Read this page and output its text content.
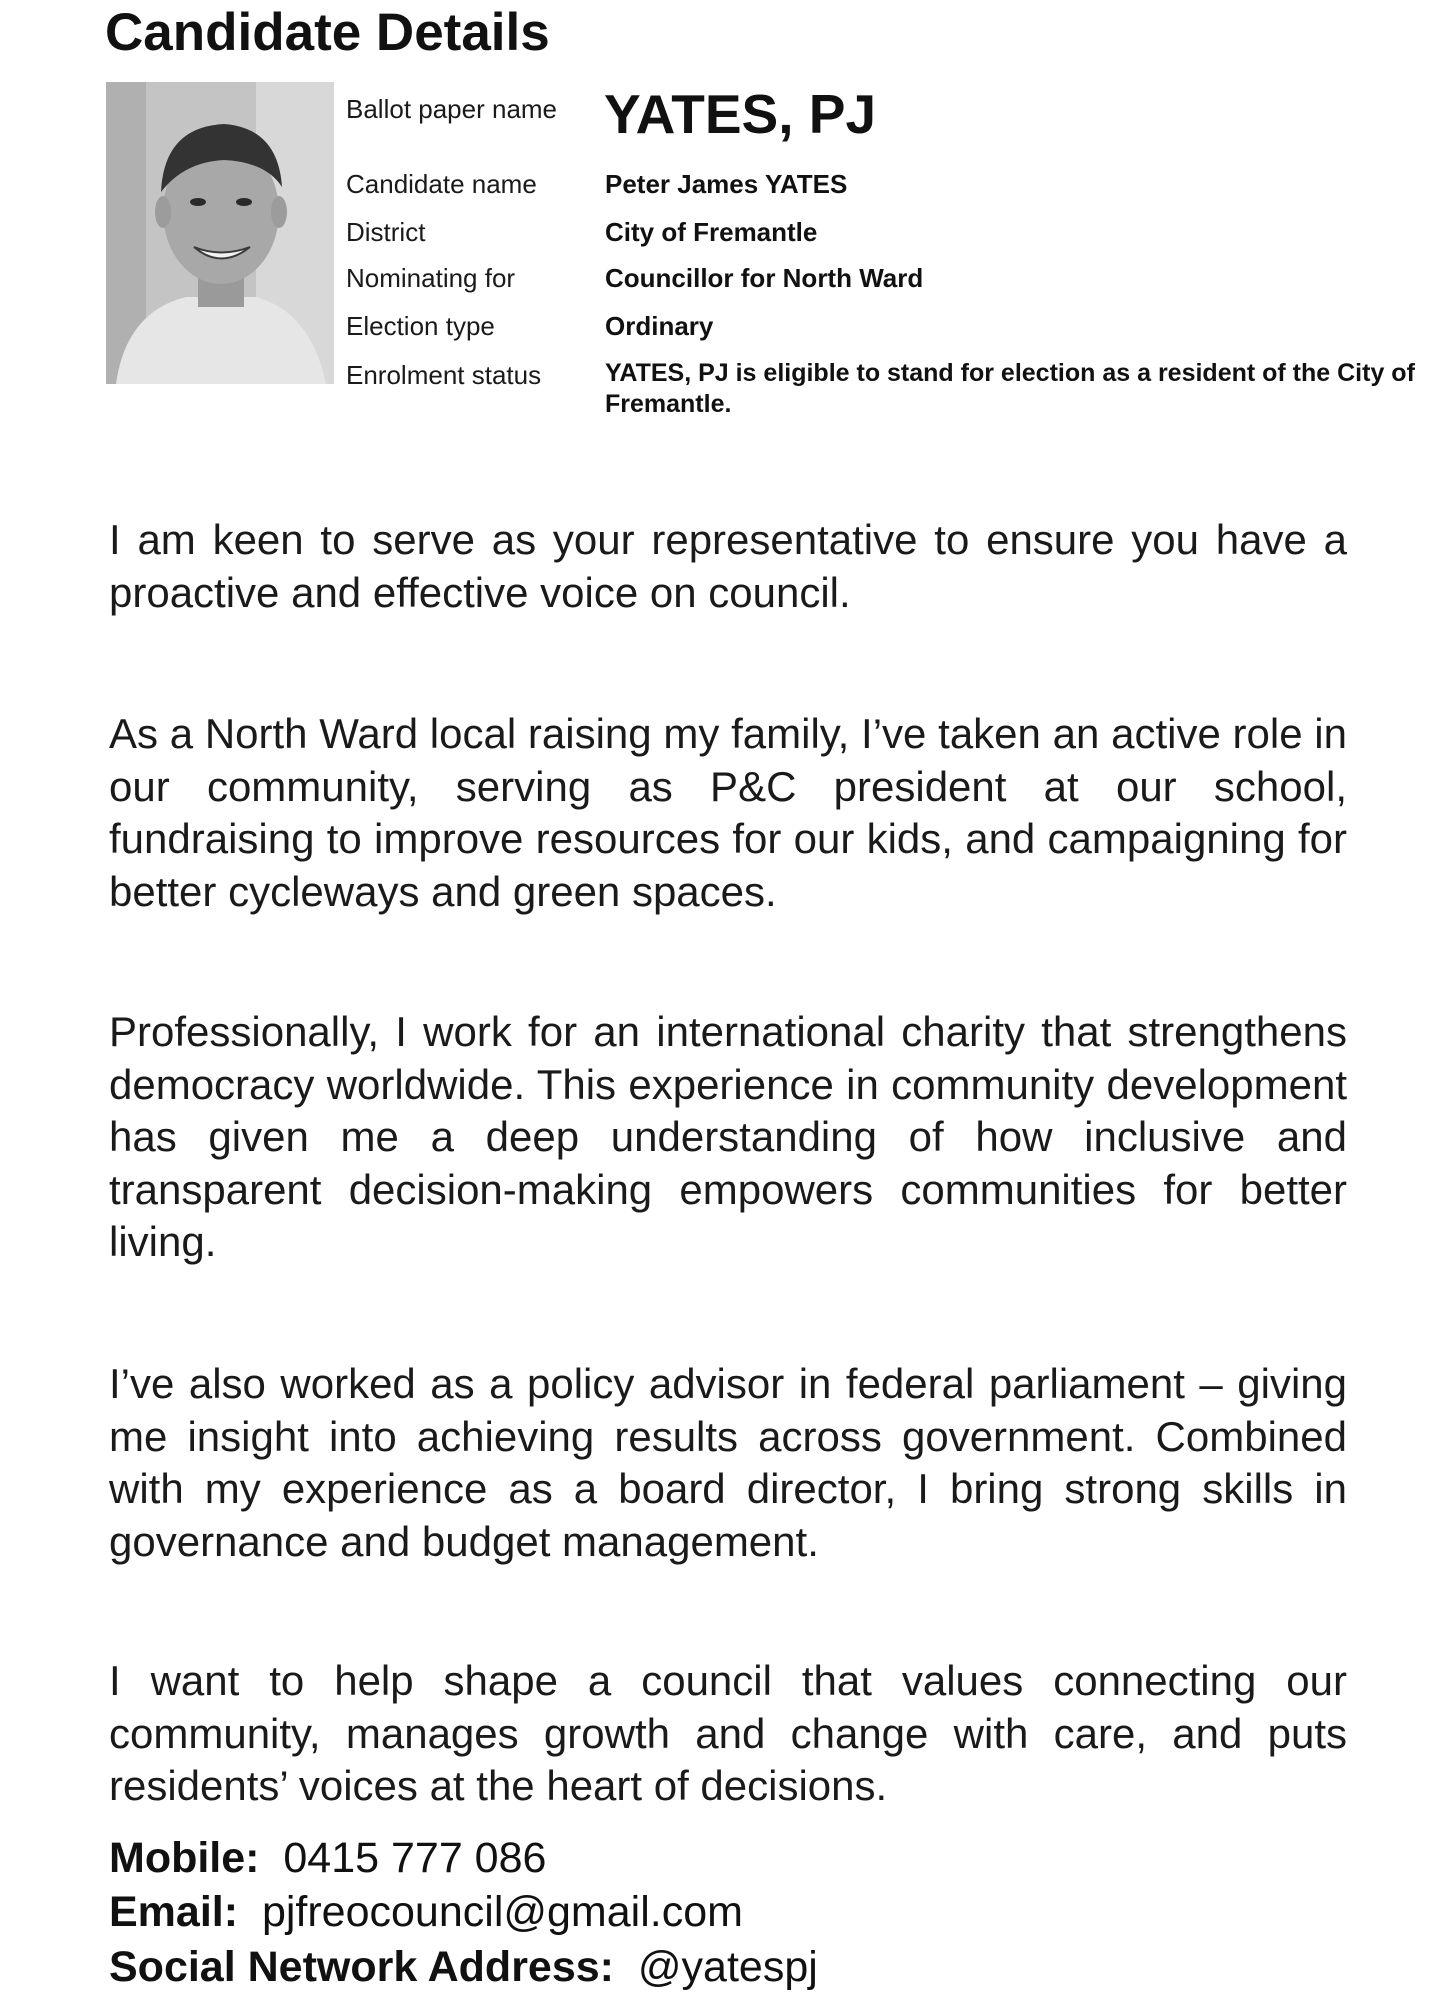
Candidate Details
Ballot paper name YATES, PJ
Candidate name	Peter James YATES
District	City of Fremantle
Nominating for	Councillor for North Ward
Election type	Ordinary
Enrolment status	YATES, PJ is eligible to stand for election as a resident of the City of Fremantle.

I am keen to serve as your representative to ensure you have a proactive and effective voice on council.

As a North Ward local raising my family, I’ve taken an active role in our community, serving as P&C president at our school, fundraising to improve resources for our kids, and campaigning for better cycleways and green spaces.

Professionally, I work for an international charity that strengthens democracy worldwide. This experience in community development has given me a deep understanding of how inclusive and transparent decision-making empowers communities for better living.

I’ve also worked as a policy advisor in federal parliament – giving me insight into achieving results across government. Combined with my experience as a board director, I bring strong skills in governance and budget management.

I want to help shape a council that values connecting our community, manages growth and change with care, and puts residents’ voices at the heart of decisions.

Mobile: 0415 777 086
Email: pjfreocouncil@gmail.com
Social Network Address: @yatespj
